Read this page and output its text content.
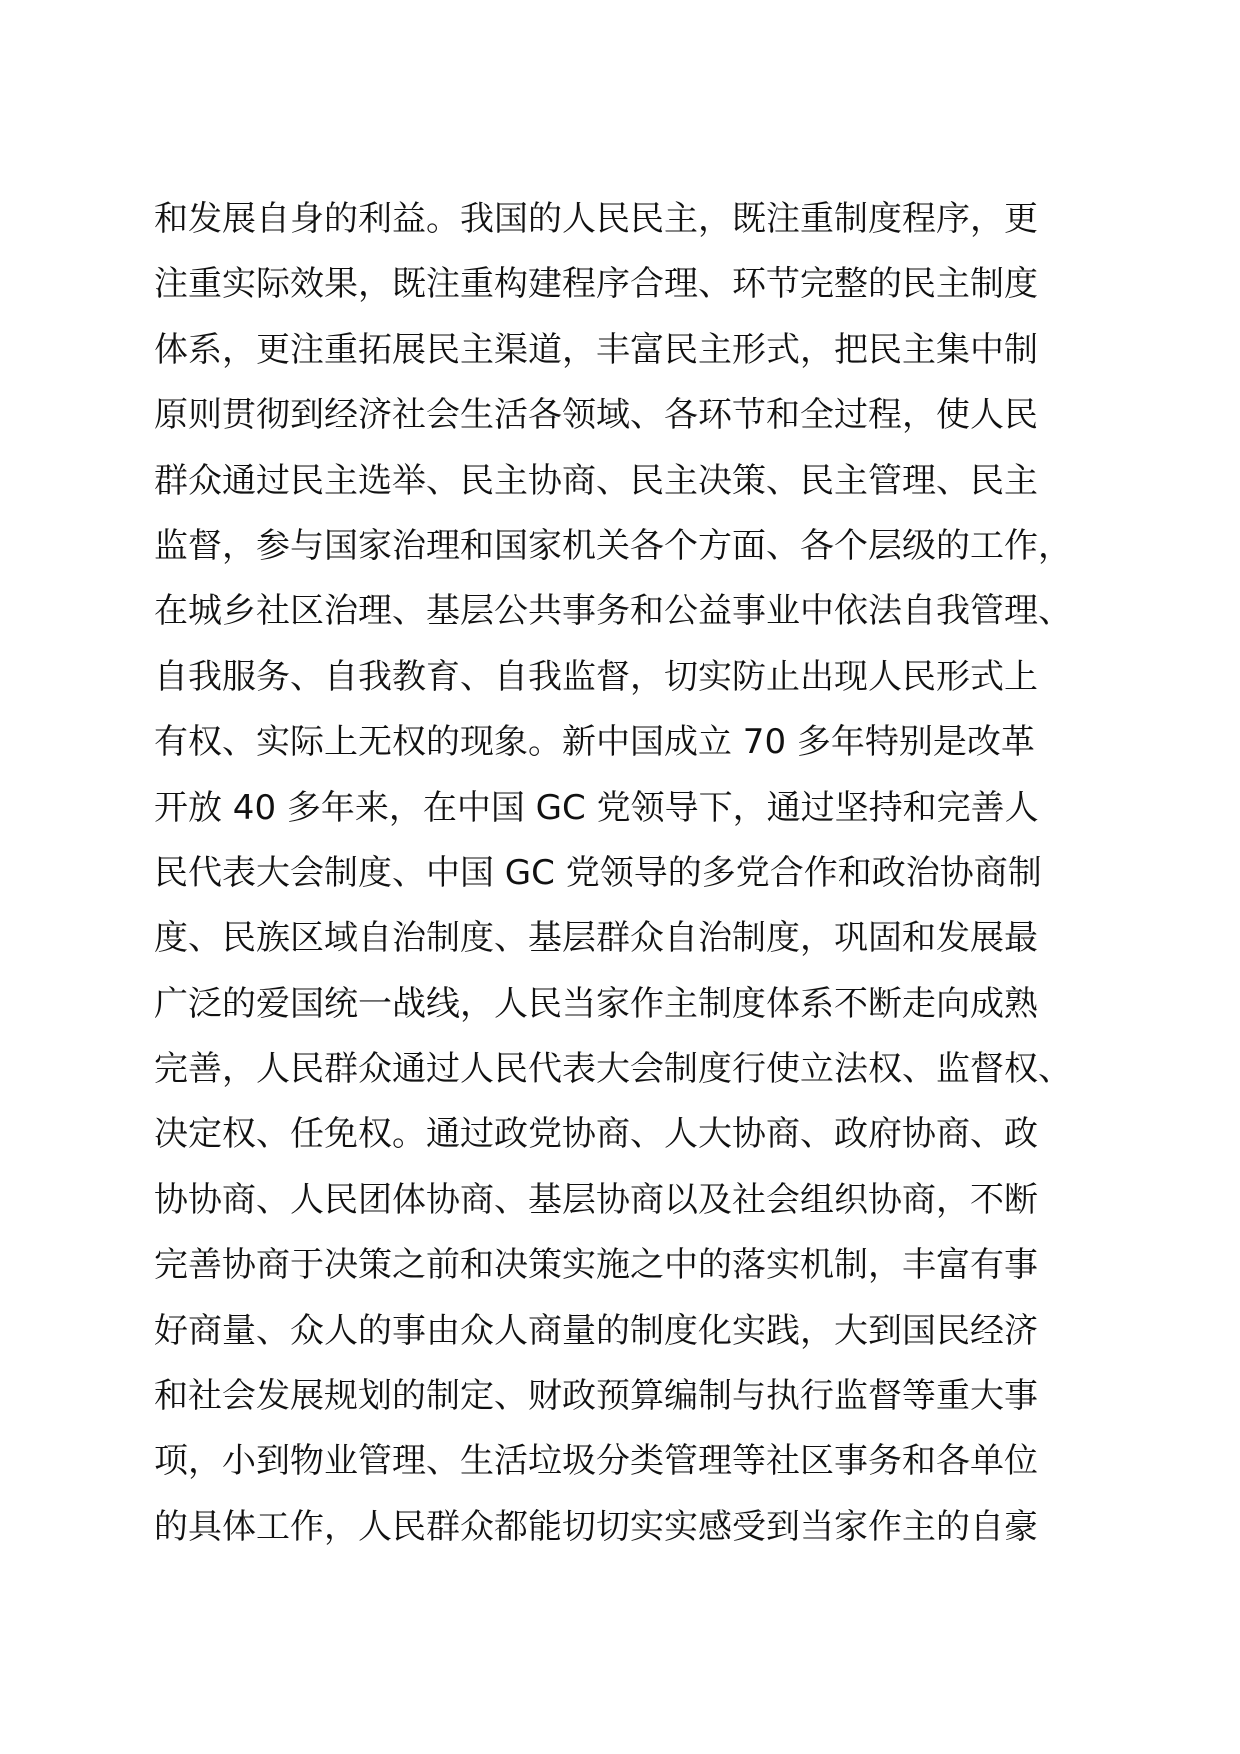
和发展自身的利益。我国的人民民主，既注重制度程序，更
注重实际效果，既注重构建程序合理、环节完整的民主制度
体系，更注重拓展民主渠道，丰富民主形式，把民主集中制
原则贯彻到经济社会生活各领域、各环节和全过程，使人民
群众通过民主选举、民主协商、民主决策、民主管理、民主
监督，参与国家治理和国家机关各个方面、各个层级的工作，
在城乡社区治理、基层公共事务和公益事业中依法自我管理、
自我服务、自我教育、自我监督，切实防止出现人民形式上
有权、实际上无权的现象。新中国成立 70 多年特别是改革
开放 40 多年来，在中国 GC 党领导下，通过坚持和完善人
民代表大会制度、中国 GC 党领导的多党合作和政治协商制
度、民族区域自治制度、基层群众自治制度，巩固和发展最
广泛的爱国统一战线，人民当家作主制度体系不断走向成熟
完善，人民群众通过人民代表大会制度行使立法权、监督权、
决定权、任免权。通过政党协商、人大协商、政府协商、政
协协商、人民团体协商、基层协商以及社会组织协商，不断
完善协商于决策之前和决策实施之中的落实机制，丰富有事
好商量、众人的事由众人商量的制度化实践，大到国民经济
和社会发展规划的制定、财政预算编制与执行监督等重大事
项，小到物业管理、生活垃圾分类管理等社区事务和各单位
的具体工作，人民群众都能切切实实感受到当家作主的自豪
